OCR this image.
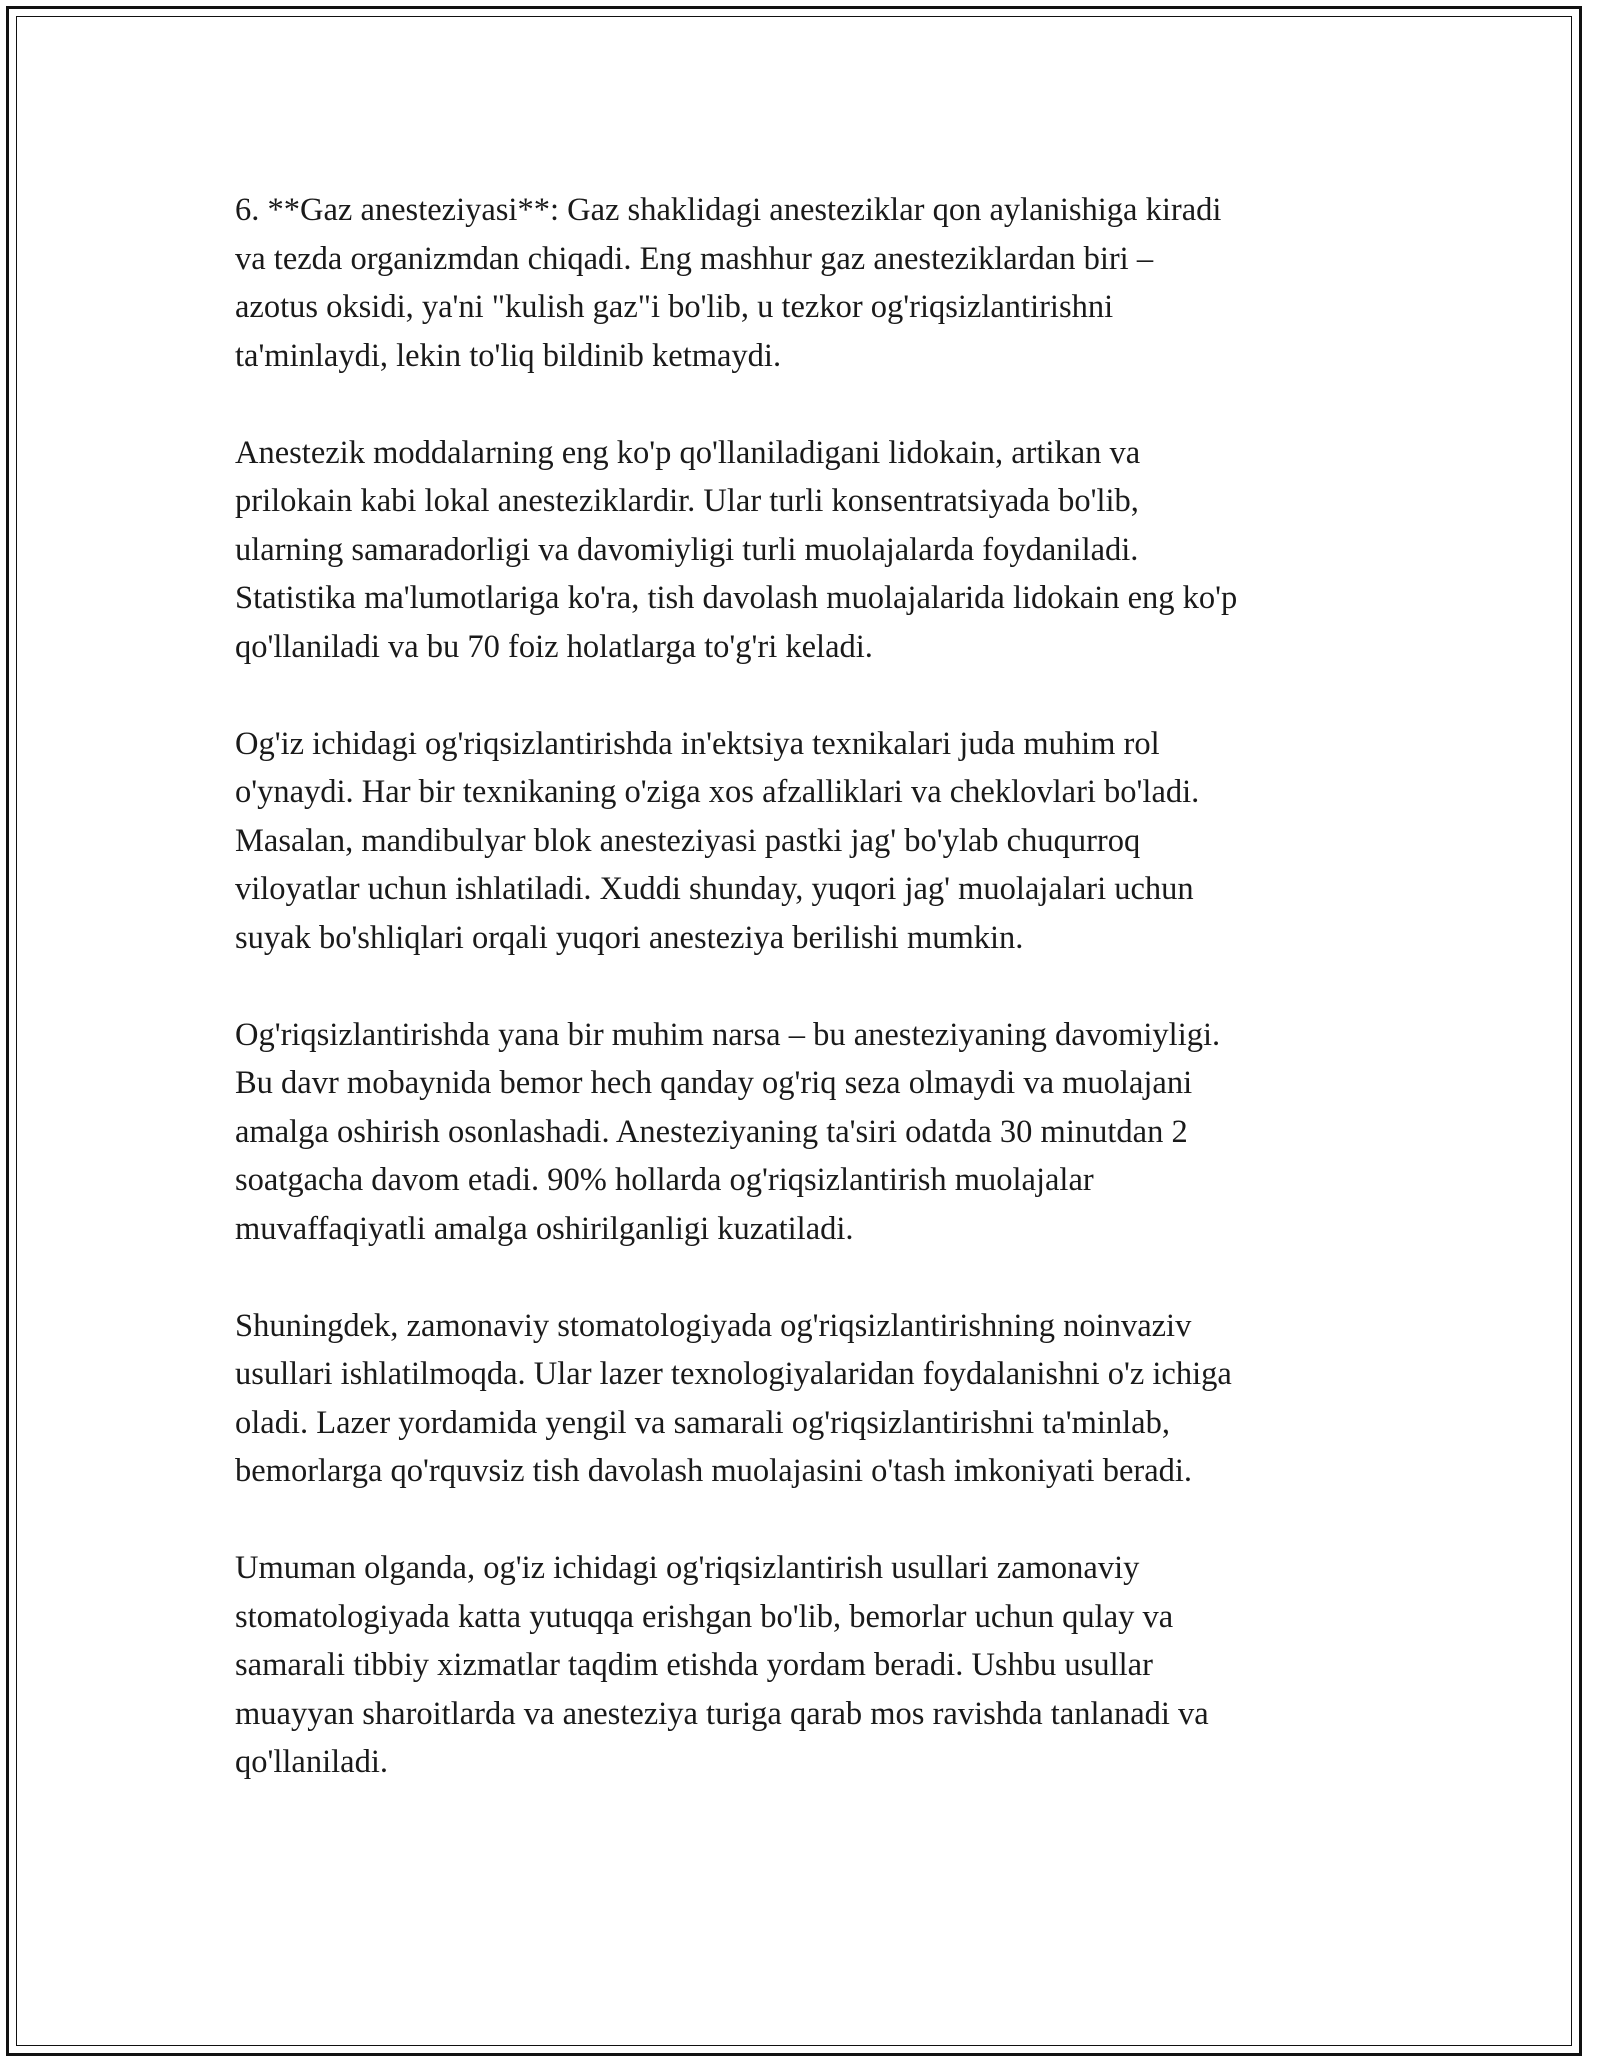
6. **Gaz anesteziyasi**: Gaz shaklidagi anesteziklar qon aylanishiga kiradi
va tezda organizmdan chiqadi. Eng mashhur gaz anesteziklardan biri –
azotus oksidi, ya'ni "kulish gaz"i bo'lib, u tezkor og'riqsizlantirishni
ta'minlaydi, lekin to'liq bildinib ketmaydi.

Anestezik moddalarning eng ko'p qo'llaniladigani lidokain, artikan va
prilokain kabi lokal anesteziklardir. Ular turli konsentratsiyada bo'lib,
ularning samaradorligi va davomiyligi turli muolajalarda foydaniladi.
Statistika ma'lumotlariga ko'ra, tish davolash muolajalarida lidokain eng ko'p
qo'llaniladi va bu 70 foiz holatlarga to'g'ri keladi.

Og'iz ichidagi og'riqsizlantirishda in'ektsiya texnikalari juda muhim rol
o'ynaydi. Har bir texnikaning o'ziga xos afzalliklari va cheklovlari bo'ladi.
Masalan, mandibulyar blok anesteziyasi pastki jag' bo'ylab chuqurroq
viloyatlar uchun ishlatiladi. Xuddi shunday, yuqori jag' muolajalari uchun
suyak bo'shliqlari orqali yuqori anesteziya berilishi mumkin.

Og'riqsizlantirishda yana bir muhim narsa – bu anesteziyaning davomiyligi.
Bu davr mobaynida bemor hech qanday og'riq seza olmaydi va muolajani
amalga oshirish osonlashadi. Anesteziyaning ta'siri odatda 30 minutdan 2
soatgacha davom etadi. 90% hollarda og'riqsizlantirish muolajalar
muvaffaqiyatli amalga oshirilganligi kuzatiladi.

Shuningdek, zamonaviy stomatologiyada og'riqsizlantirishning noinvaziv
usullari ishlatilmoqda. Ular lazer texnologiyalaridan foydalanishni o'z ichiga
oladi. Lazer yordamida yengil va samarali og'riqsizlantirishni ta'minlab,
bemorlarga qo'rquvsiz tish davolash muolajasini o'tash imkoniyati beradi.

Umuman olganda, og'iz ichidagi og'riqsizlantirish usullari zamonaviy
stomatologiyada katta yutuqqa erishgan bo'lib, bemorlar uchun qulay va
samarali tibbiy xizmatlar taqdim etishda yordam beradi. Ushbu usullar
muayyan sharoitlarda va anesteziya turiga qarab mos ravishda tanlanadi va
qo'llaniladi.
